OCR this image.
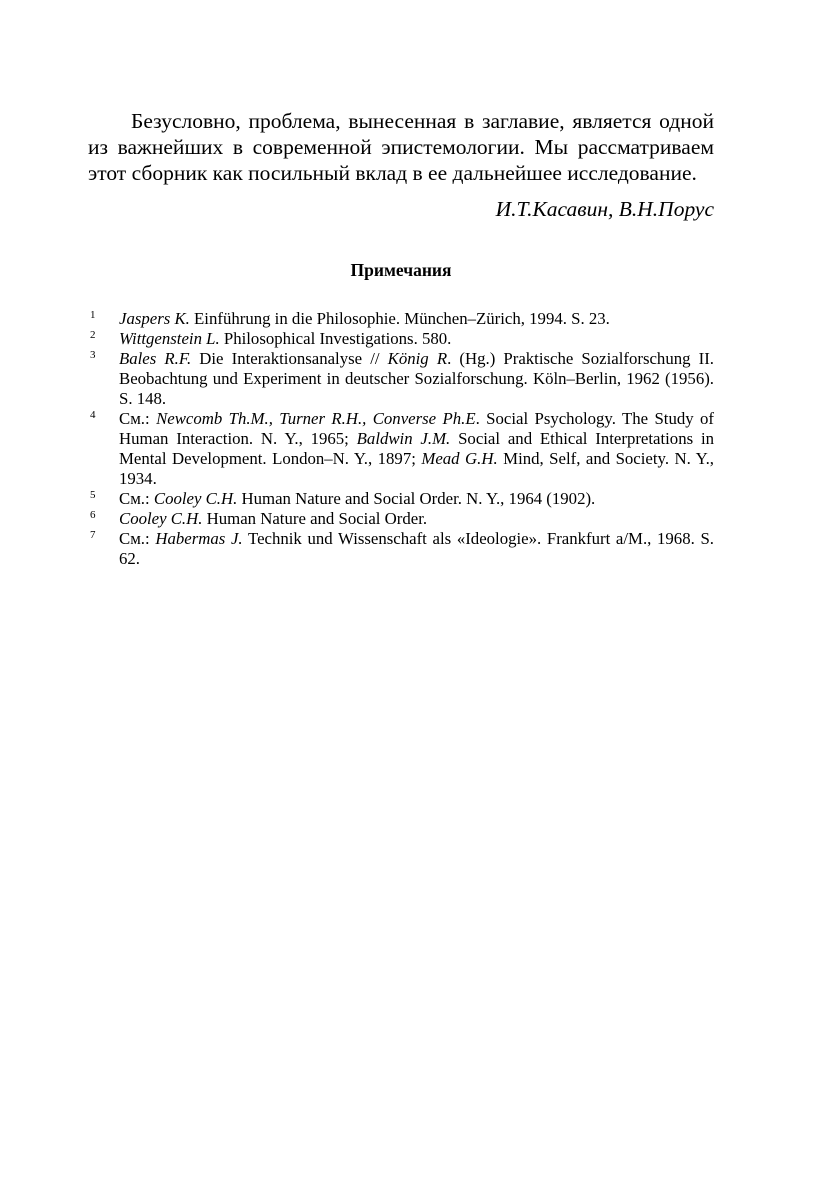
Безусловно, проблема, вынесенная в заглавие, является одной из важнейших в современной эпистемологии. Мы рассматриваем этот сборник как посильный вклад в ее дальнейшее исследование.

И.Т.Касавин, В.Н.Порус

Примечания
1 Jaspers K. Einführung in die Philosophie. München–Zürich, 1994. S. 23.
2 Wittgenstein L. Philosophical Investigations. 580.
3 Bales R.F. Die Interaktionsanalyse // König R. (Hg.) Praktische Sozialforschung II. Beobachtung und Experiment in deutscher Sozialforschung. Köln–Berlin, 1962 (1956). S. 148.
4 См.: Newcomb Th.M., Turner R.H., Converse Ph.E. Social Psychology. The Study of Human Interaction. N. Y., 1965; Baldwin J.M. Social and Ethical Interpretations in Mental Development. London–N. Y., 1897; Mead G.H. Mind, Self, and Society. N. Y., 1934.
5 См.: Cooley C.H. Human Nature and Social Order. N. Y., 1964 (1902).
6 Cooley C.H. Human Nature and Social Order.
7 См.: Habermas J. Technik und Wissenschaft als «Ideologie». Frankfurt a/M., 1968. S. 62.
